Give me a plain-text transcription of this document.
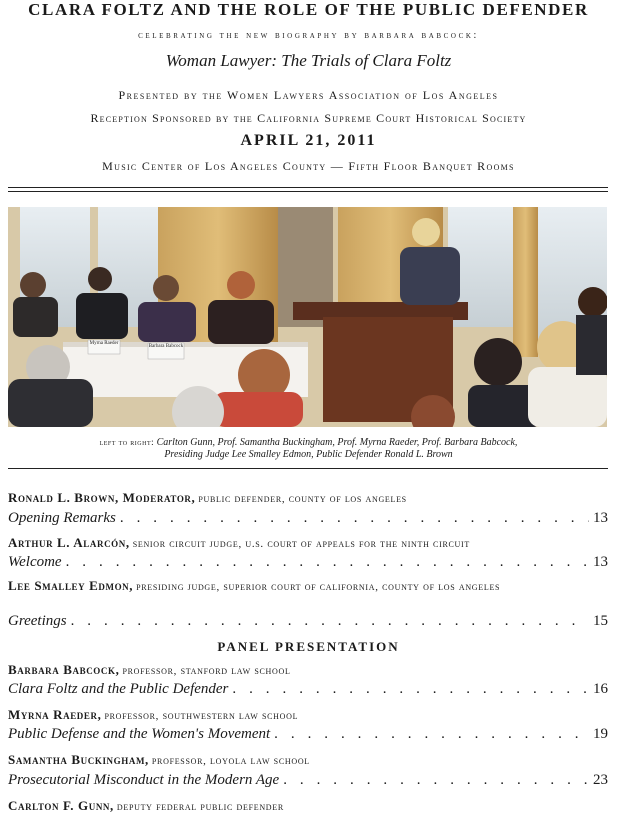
CLARA FOLTZ AND THE ROLE OF THE PUBLIC DEFENDER
celebrating the new biography by barbara babcock:
Woman Lawyer: The Trials of Clara Foltz
Presented by the Women Lawyers Association of Los Angeles
Reception Sponsored by the California Supreme Court Historical Society
APRIL 21, 2011
Music Center of Los Angeles County — Fifth Floor Banquet Rooms
left to right: Carlton Gunn, Prof. Samantha Buckingham, Prof. Myrna Raeder, Prof. Barbara Babcock,
Presiding Judge Lee Smalley Edmon, Public Defender Ronald L. Brown
Ronald L. Brown, Moderator, public defender, county of los angeles
Opening Remarks . . .	13
Arthur L. Alarcón, senior circuit judge, u.s. court of appeals for the ninth circuit
Welcome . . .	13
Lee Smalley Edmon, presiding judge, superior court of california, county of los angeles
Greetings . . .	15
PANEL PRESENTATION
Barbara Babcock, professor, stanford law school
Clara Foltz and the Public Defender . . .	16
Myrna Raeder, professor, southwestern law school
Public Defense and the Women's Movement . . .	19
Samantha Buckingham, professor, loyola law school
Prosecutorial Misconduct in the Modern Age . . .	23
Carlton F. Gunn, deputy federal public defender
Myrna Raeder
Barbara Babcock
